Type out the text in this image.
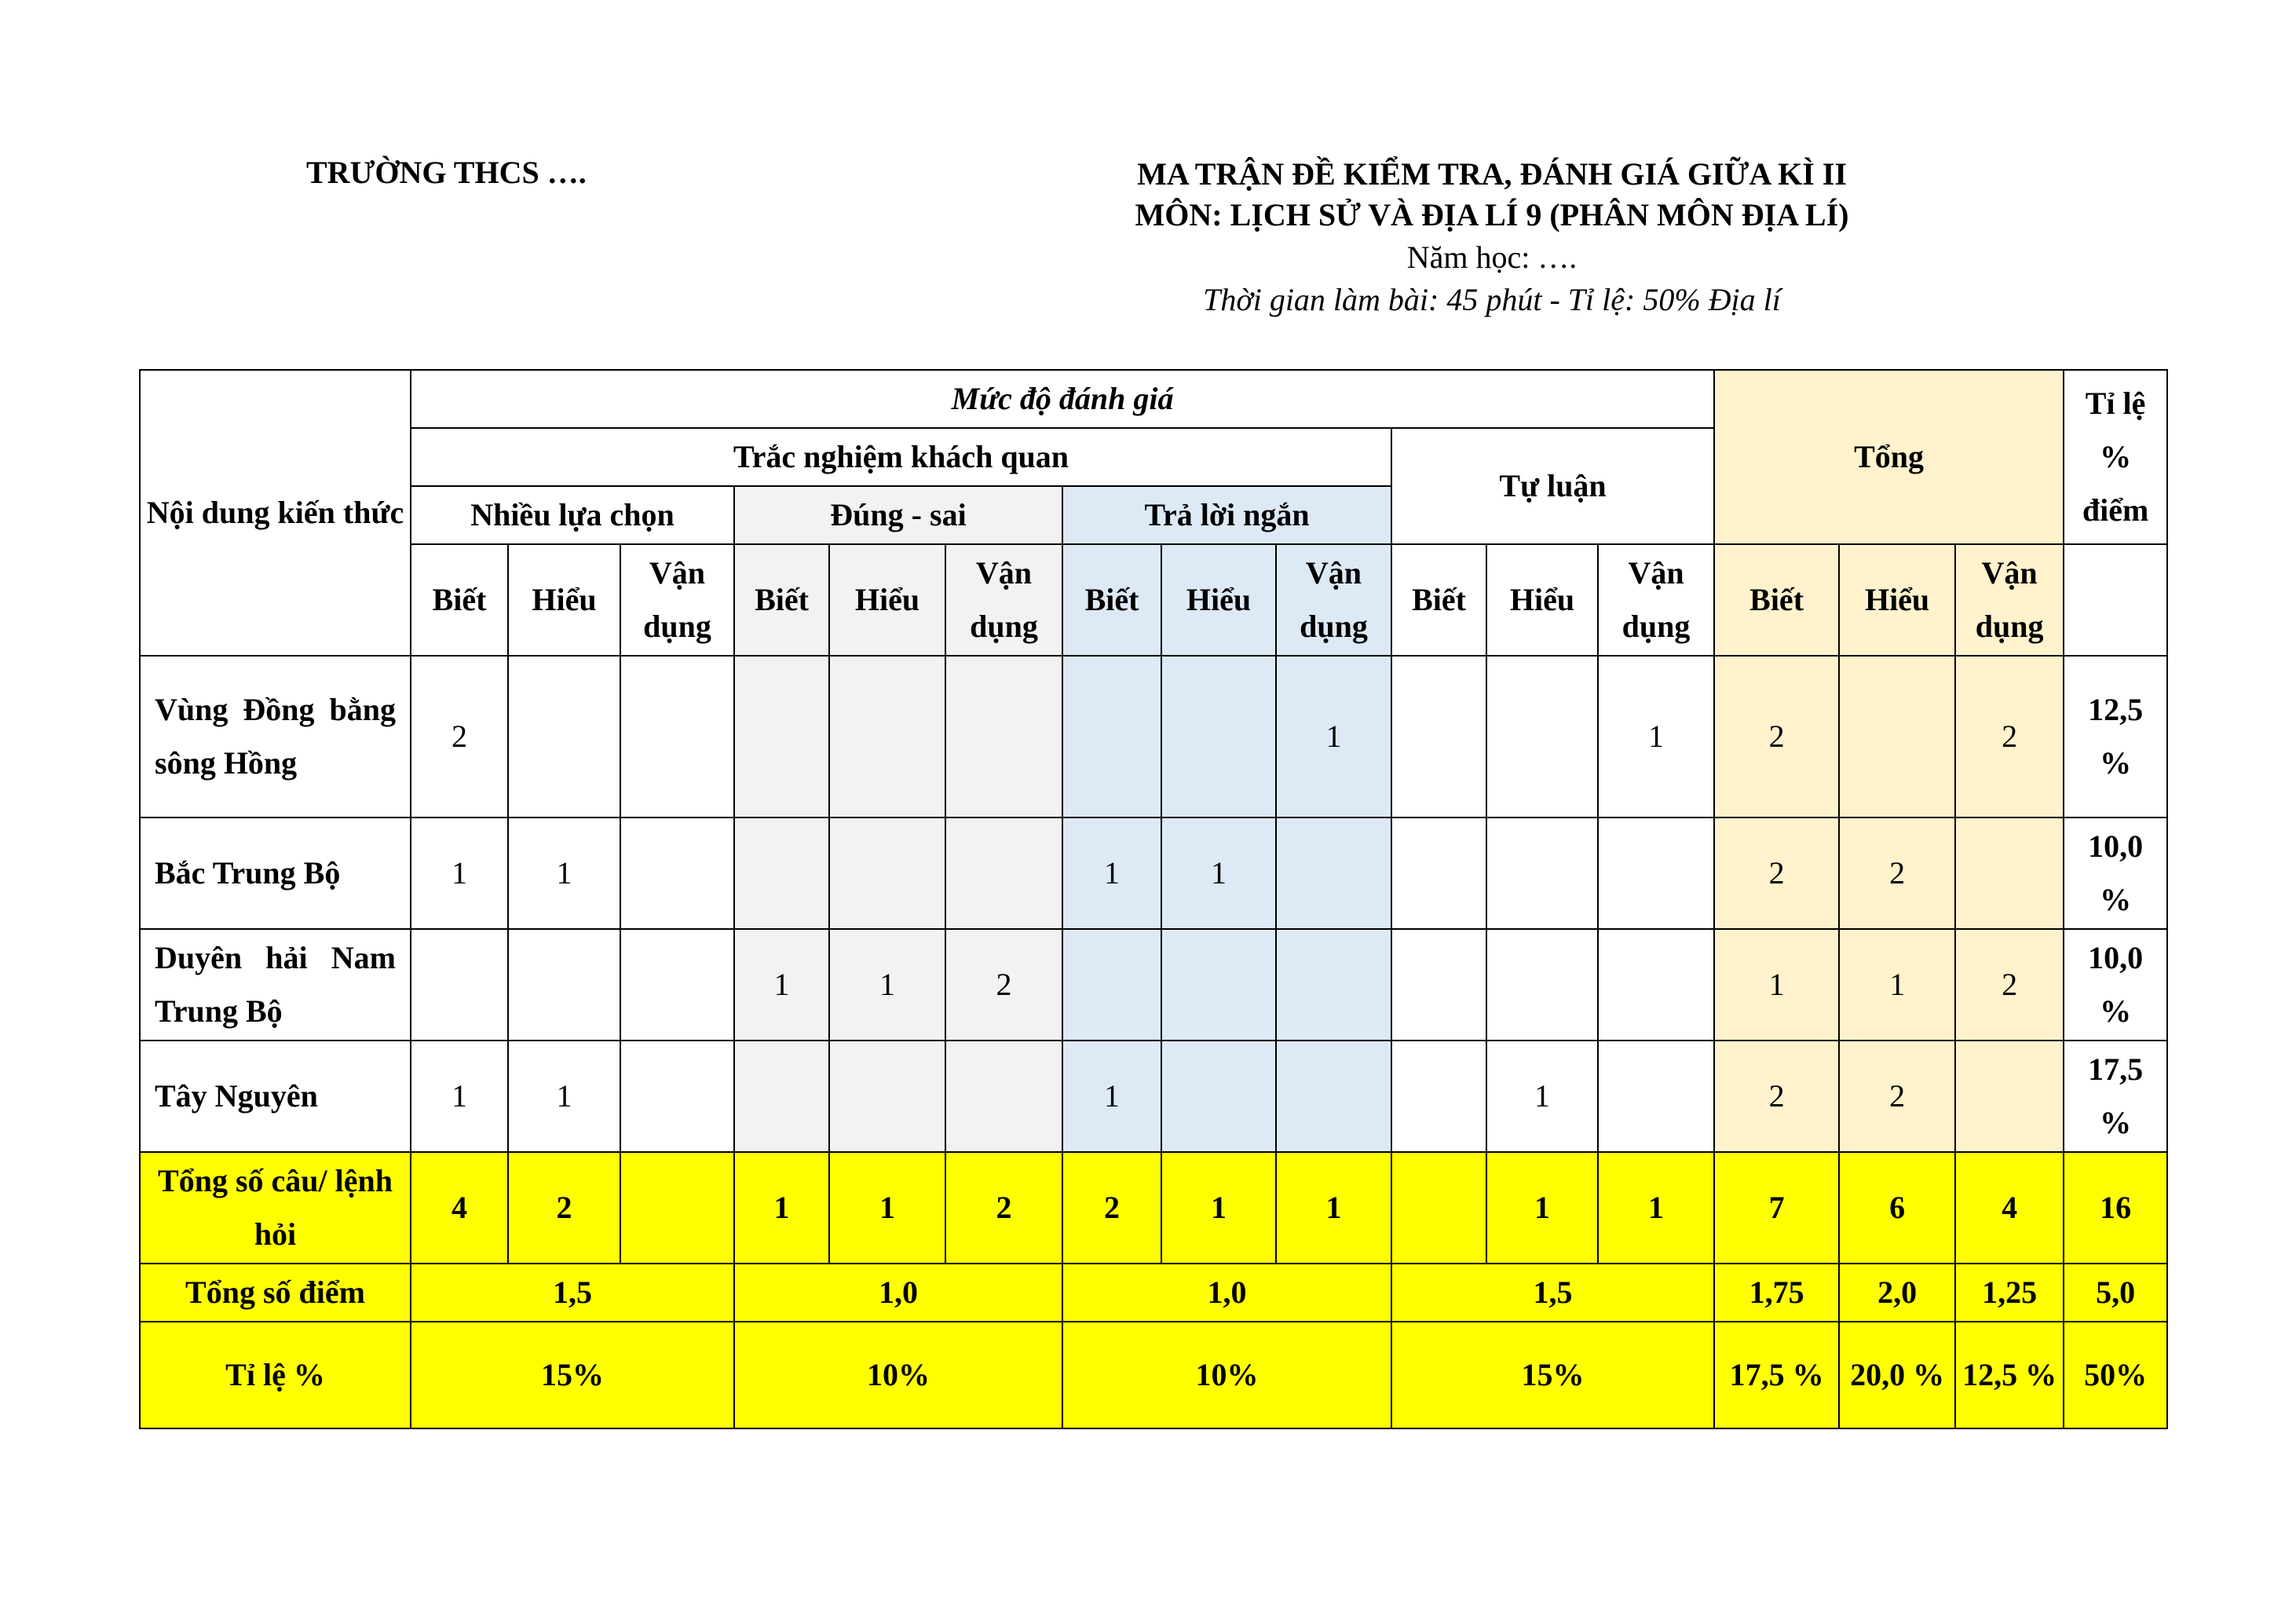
TRƯỜNG THCS ….	MA TRẬN ĐỀ KIỂM TRA, ĐÁNH GIÁ GIỮA KÌ II
MÔN: LỊCH SỬ VÀ ĐỊA LÍ 9 (PHÂN MÔN ĐỊA LÍ)
Năm học: ….
Thời gian làm bài: 45 phút - Tỉ lệ: 50% Địa lí
Nội dung kiến thức	Mức độ đánh giá												Tổng			Tỉ lệ % điểm
	Trắc nghiệm khách quan									Tự luận						
	Nhiều lựa chọn			Đúng - sai			Trả lời ngắn									
	Biết	Hiểu	Vận dụng	Biết	Hiểu	Vận dụng	Biết	Hiểu	Vận dụng	Biết	Hiểu	Vận dụng	Biết	Hiểu	Vận dụng	
Vùng Đồng bằng sông Hồng	2								1			1	2		2	12,5 %
Bắc Trung Bộ	1	1					1	1					2	2		10,0 %
Duyên hải Nam Trung Bộ				1	1	2							1	1	2	10,0 %
Tây Nguyên	1	1					1				1		2	2		17,5 %
Tổng số câu/ lệnh hỏi	4	2		1	1	2	2	1	1		1	1	7	6	4	16
Tổng số điểm	1,5			1,0			1,0			1,5			1,75	2,0	1,25	5,0
Tỉ lệ %	15%			10%			10%			15%			17,5 %	20,0 %	12,5 %	50%
